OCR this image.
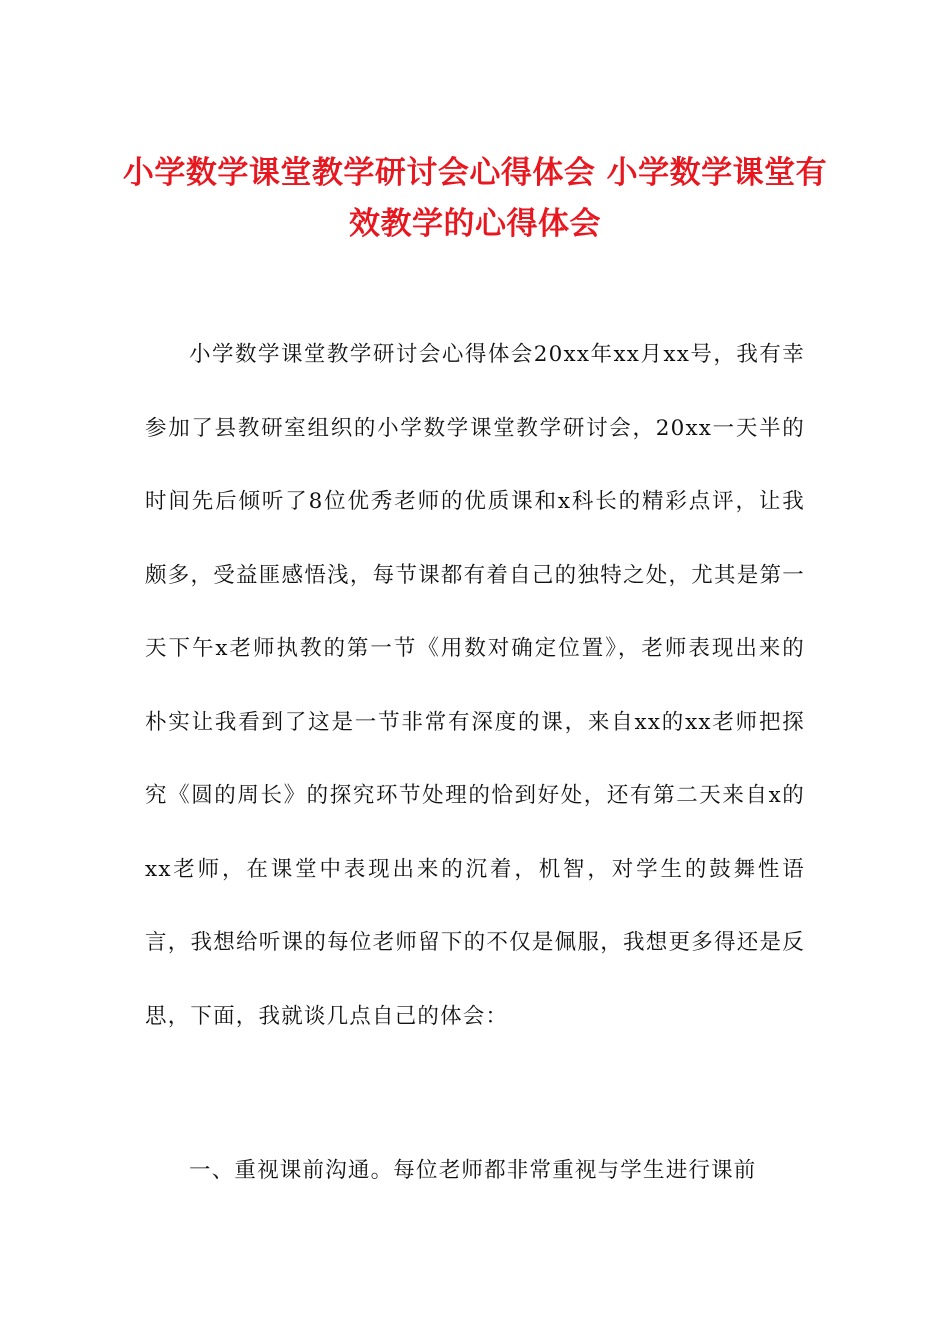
小学数学课堂教学研讨会心得体会 小学数学课堂有效教学的心得体会

小学数学课堂教学研讨会心得体会20xx年xx月xx号，我有幸参加了县教研室组织的小学数学课堂教学研讨会，20xx一天半的时间先后倾听了8位优秀老师的优质课和x科长的精彩点评，让我颇多，受益匪感悟浅，每节课都有着自己的独特之处，尤其是第一天下午x老师执教的第一节《用数对确定位置》，老师表现出来的朴实让我看到了这是一节非常有深度的课，来自xx的xx老师把探究《圆的周长》的探究环节处理的恰到好处，还有第二天来自x的xx老师，在课堂中表现出来的沉着，机智，对学生的鼓舞性语言，我想给听课的每位老师留下的不仅是佩服，我想更多得还是反思，下面，我就谈几点自己的体会：

一、重视课前沟通。每位老师都非常重视与学生进行课前
